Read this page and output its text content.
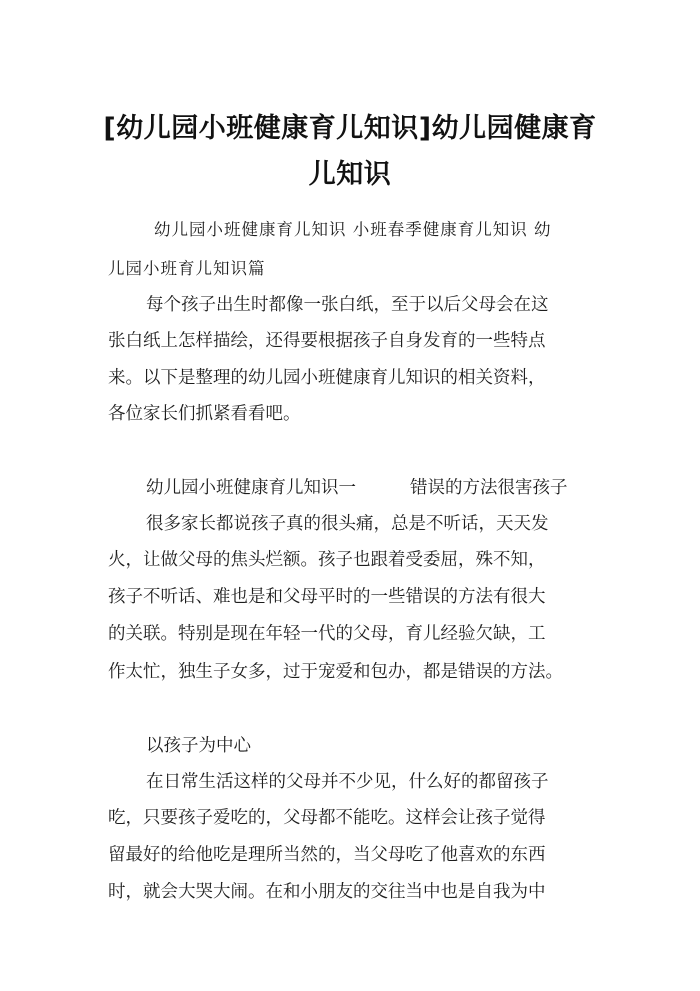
[幼儿园小班健康育儿知识]幼儿园健康育
儿知识
幼儿园小班健康育儿知识 小班春季健康育儿知识 幼
儿园小班育儿知识篇
每个孩子出生时都像一张白纸，至于以后父母会在这
张白纸上怎样描绘，还得要根据孩子自身发育的一些特点
来。以下是整理的幼儿园小班健康育儿知识的相关资料，
各位家长们抓紧看看吧。
幼儿园小班健康育儿知识一	错误的方法很害孩子
很多家长都说孩子真的很头痛，总是不听话，天天发
火，让做父母的焦头烂额。孩子也跟着受委屈，殊不知，
孩子不听话、难也是和父母平时的一些错误的方法有很大
的关联。特别是现在年轻一代的父母，育儿经验欠缺，工
作太忙，独生子女多，过于宠爱和包办，都是错误的方法。
以孩子为中心
在日常生活这样的父母并不少见，什么好的都留孩子
吃，只要孩子爱吃的，父母都不能吃。这样会让孩子觉得
留最好的给他吃是理所当然的，当父母吃了他喜欢的东西
时，就会大哭大闹。在和小朋友的交往当中也是自我为中
